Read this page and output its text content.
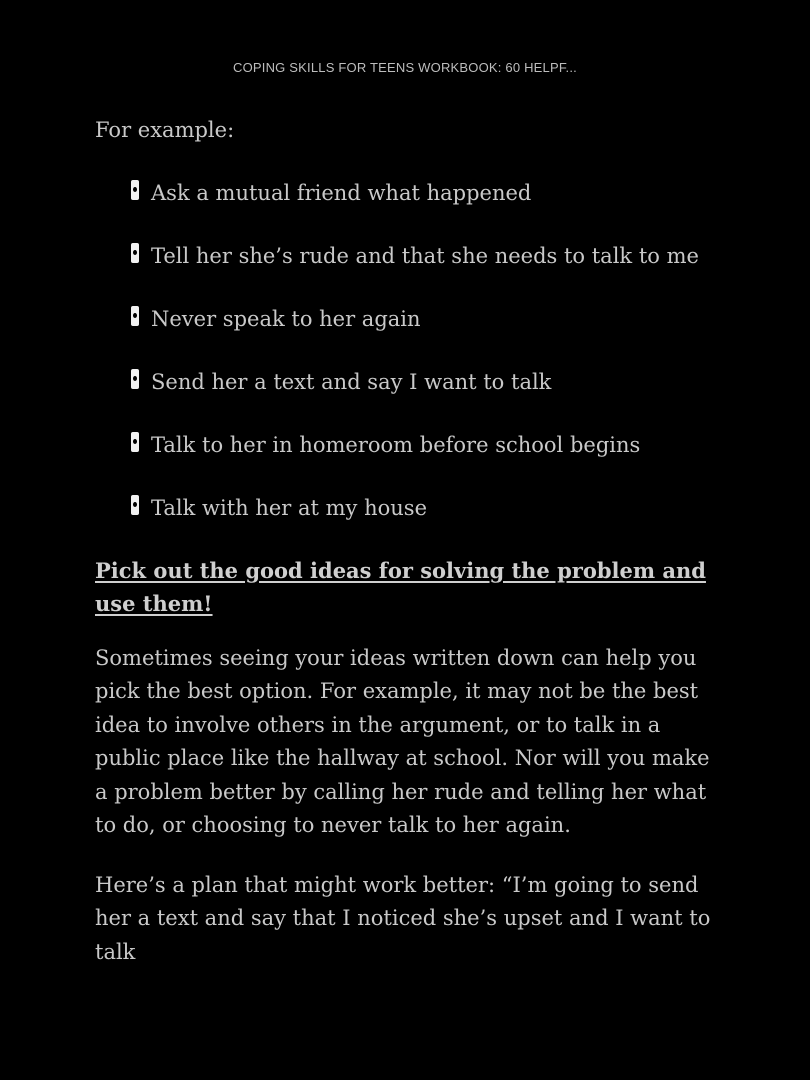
COPING SKILLS FOR TEENS WORKBOOK: 60 HELPF...

For example:

Ask a mutual friend what happened
Tell her she’s rude and that she needs to talk to me
Never speak to her again
Send her a text and say I want to talk
Talk to her in homeroom before school begins
Talk with her at my house

Pick out the good ideas for solving the problem and use them!

Sometimes seeing your ideas written down can help you pick the best option. For example, it may not be the best idea to involve others in the argument, or to talk in a public place like the hallway at school. Nor will you make a problem better by calling her rude and telling her what to do, or choosing to never talk to her again.

Here’s a plan that might work better: “I’m going to send her a text and say that I noticed she’s upset and I want to talk
